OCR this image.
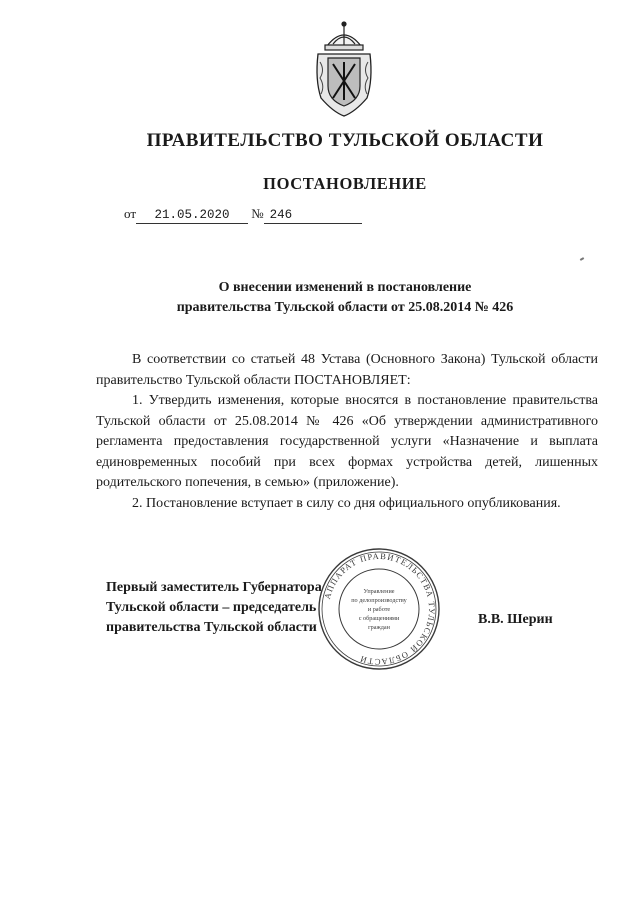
ПРАВИТЕЛЬСТВО ТУЛЬСКОЙ ОБЛАСТИ
ПОСТАНОВЛЕНИЕ
от 21.05.2020 № 246
О внесении изменений в постановление
правительства Тульской области от 25.08.2014 № 426

В соответствии со статьей 48 Устава (Основного Закона) Тульской области правительство Тульской области ПОСТАНОВЛЯЕТ:

1. Утвердить изменения, которые вносятся в постановление правительства Тульской области от 25.08.2014 № 426 «Об утверждении административного регламента предоставления государственной услуги «Назначение и выплата единовременных пособий при всех формах устройства детей, лишенных родительского попечения, в семью» (приложение).

2. Постановление вступает в силу со дня официального опубликования.

Первый заместитель Губернатора
Тульской области – председатель
правительства Тульской области
В.В. Шерин
АППАРАТ ПРАВИТЕЛЬСТВА ТУЛЬСКОЙ ОБЛАСТИ
Управление
по делопроизводству
и работе
с обращениями
граждан
